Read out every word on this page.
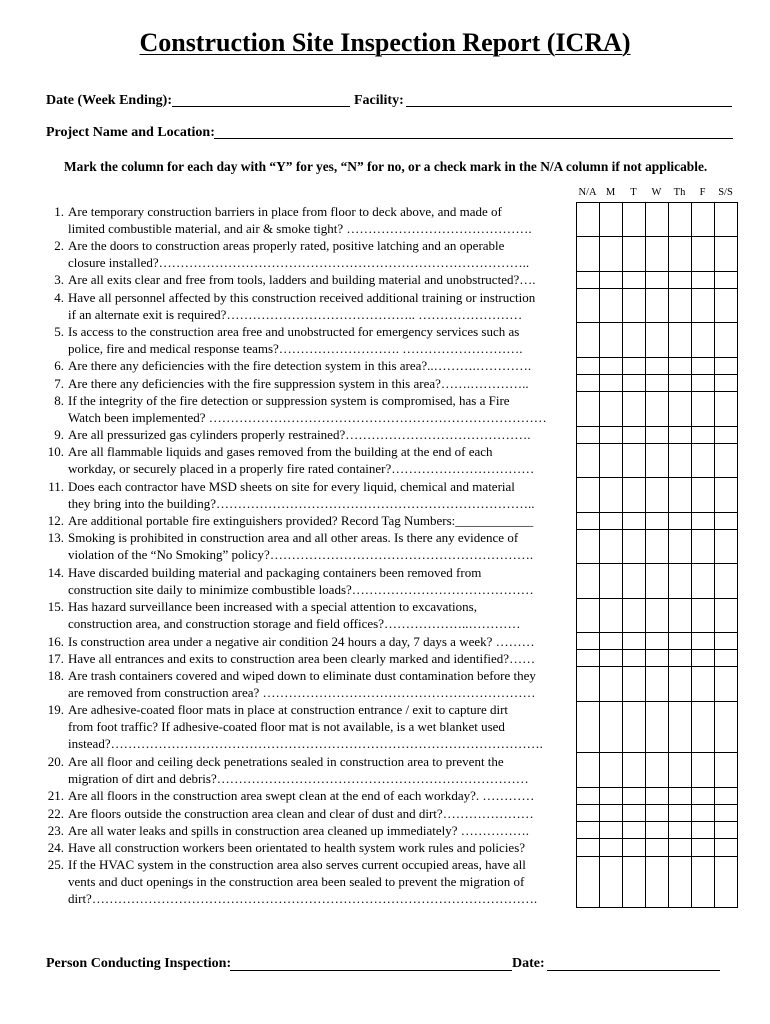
Construction Site Inspection Report (ICRA)
Date (Week Ending):	Facility:
Project Name and Location:
Mark the column for each day with “Y” for yes, “N” for no, or a check mark in the N/A column if not applicable.
N/A M	T	W	Th	F	S/S
1. Are temporary construction barriers in place from floor to deck above, and made of
limited combustible material, and air & smoke tight? …………………………………….
2. Are the doors to construction areas properly rated, positive latching and an operable
closure installed?…………………………………………………………………………..
3. Are all exits clear and free from tools, ladders and building material and unobstructed?….
4. Have all personnel affected by this construction received additional training or instruction
if an alternate exit is required?…………………………………….. ……………………
5. Is access to the construction area free and unobstructed for emergency services such as
police, fire and medical response teams?………………………. ……………………….
6. Are there any deficiencies with the fire detection system in this area?..……….………….
7. Are there any deficiencies with the fire suppression system in this area?…….…………..
8. If the integrity of the fire detection or suppression system is compromised, has a Fire
Watch been implemented? ……………………………………………………………………
9. Are all pressurized gas cylinders properly restrained?…………………………………….
10. Are all flammable liquids and gases removed from the building at the end of each
workday, or securely placed in a properly fire rated container?……………………………
11. Does each contractor have MSD sheets on site for every liquid, chemical and material
they bring into the building?………………………………………………………………..
12. Are additional portable fire extinguishers provided? Record Tag Numbers:____________
13. Smoking is prohibited in construction area and all other areas. Is there any evidence of
violation of the “No Smoking” policy?…………………………………………………….
14. Have discarded building material and packaging containers been removed from
construction site daily to minimize combustible loads?……………………………………
15. Has hazard surveillance been increased with a special attention to excavations,
construction area, and construction storage and field offices?………………..…………
16. Is construction area under a negative air condition 24 hours a day, 7 days a week? ………
17. Have all entrances and exits to construction area been clearly marked and identified?……
18. Are trash containers covered and wiped down to eliminate dust contamination before they
are removed from construction area? ………………………………………………………
19. Are adhesive-coated floor mats in place at construction entrance / exit to capture dirt
from foot traffic? If adhesive-coated floor mat is not available, is a wet blanket used
instead?……………………………………………………………………………………….
20. Are all floor and ceiling deck penetrations sealed in construction area to prevent the
migration of dirt and debris?………………………………………………………………
21. Are all floors in the construction area swept clean at the end of each workday?. …………
22. Are floors outside the construction area clean and clear of dust and dirt?…………………
23. Are all water leaks and spills in construction area cleaned up immediately? …………….
24. Have all construction workers been orientated to health system work rules and policies?
25. If the HVAC system in the construction area also serves current occupied areas, have all
vents and duct openings in the construction area been sealed to prevent the migration of
dirt?………………………………………………………………………………………….
Person Conducting Inspection:	Date:
